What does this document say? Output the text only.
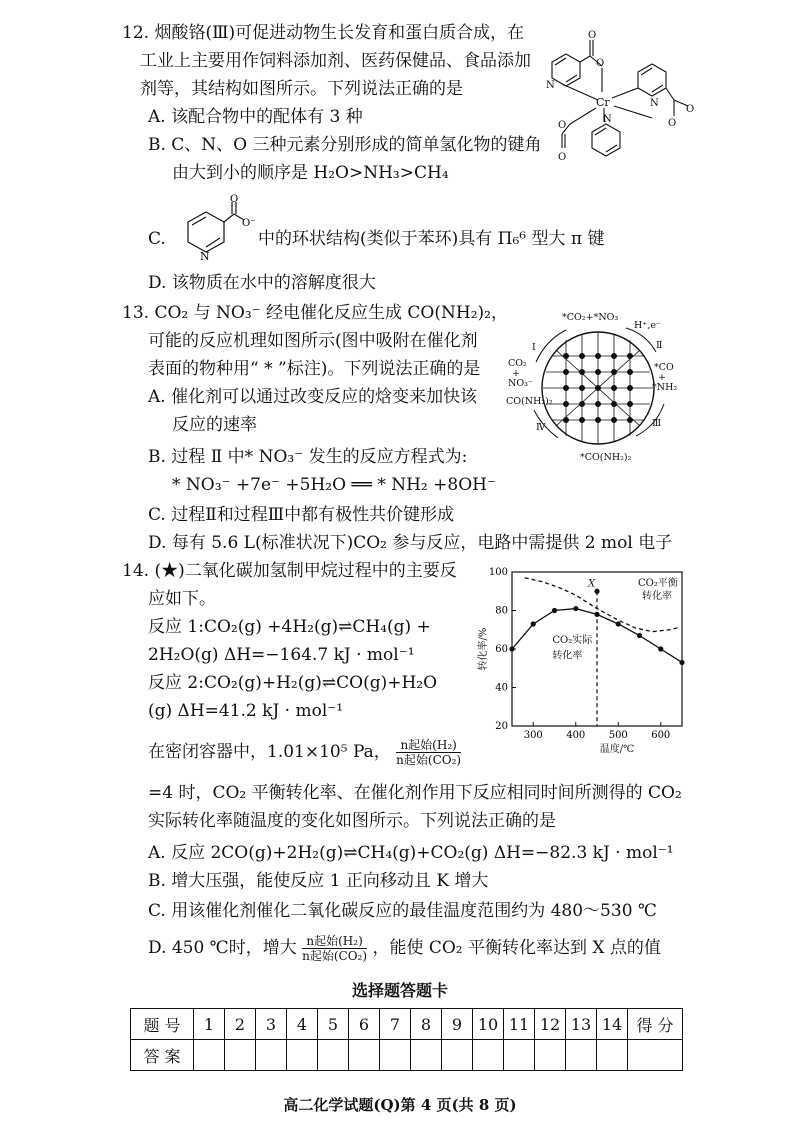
12. 烟酸铬(Ⅲ)可促进动物生长发育和蛋白质合成，在
工业上主要用作饲料添加剂、医药保健品、食品添加
剂等，其结构如图所示。下列说法正确的是
A. 该配合物中的配体有 3 种
B. C、N、O 三种元素分别形成的简单氢化物的键角
由大到小的顺序是 H₂O>NH₃>CH₄
C.	中的环状结构(类似于苯环)具有 Π₆⁶ 型大 π 键
D. 该物质在水中的溶解度很大
N
O
O⁻
Cr
O
O
N
N
N	O
O
O
O
13. CO₂ 与 NO₃⁻ 经电催化反应生成 CO(NH₂)₂，
可能的反应机理如图所示(图中吸附在催化剂
表面的物种用“ * ”标注)。下列说法正确的是
A. 催化剂可以通过改变反应的焓变来加快该
反应的速率
B. 过程 Ⅱ 中* NO₃⁻ 发生的反应方程式为:
* NO₃⁻ +7e⁻ +5H₂O ══ * NH₂ +8OH⁻
C. 过程Ⅱ和过程Ⅲ中都有极性共价键形成
D. 每有 5.6 L(标准状况下)CO₂ 参与反应，电路中需提供 2 mol 电子
*CO₂+*NO₃
H⁺,e⁻
CO₂
+
NO₃⁻
CO(NH₂)₂
*CO
+
*NH₂
*CO(NH₂)₂
Ⅰ	Ⅱ
Ⅲ
Ⅳ
14. (★)二氧化碳加氢制甲烷过程中的主要反
应如下。
反应 1:CO₂(g) +4H₂(g)⇌CH₄(g) +
2H₂O(g) ΔH=−164.7 kJ · mol⁻¹
反应 2:CO₂(g)+H₂(g)⇌CO(g)+H₂O
(g) ΔH=41.2 kJ · mol⁻¹
在密闭容器中，1.01×10⁵ Pa， $\frac{\text{n起始(H₂)}}{\text{n起始(CO₂)}}$
=4 时，CO₂ 平衡转化率、在催化剂作用下反应相同时间所测得的 CO₂
实际转化率随温度的变化如图所示。下列说法正确的是
A. 反应 2CO(g)+2H₂(g)⇌CH₄(g)+CO₂(g) ΔH=−82.3 kJ · mol⁻¹
B. 增大压强，能使反应 1 正向移动且 K 增大
C. 用该催化剂催化二氧化碳反应的最佳温度范围约为 480～530 ℃
D. 450 ℃时，增大 $\frac{\text{n起始(H₂)}}{\text{n起始(CO₂)}}$ ，能使 CO₂ 平衡转化率达到 X 点的值
20
40
60
80
100
300 400 500 600
转化率/%
温度/℃
CO₂平衡
转化率
CO₂实际
转化率
X
选择题答题卡
题 号	1	2	3	4	5	6	7	8	9	10	11	12	13	14	得 分
答 案															
高二化学试题(Q)第 4 页(共 8 页)
